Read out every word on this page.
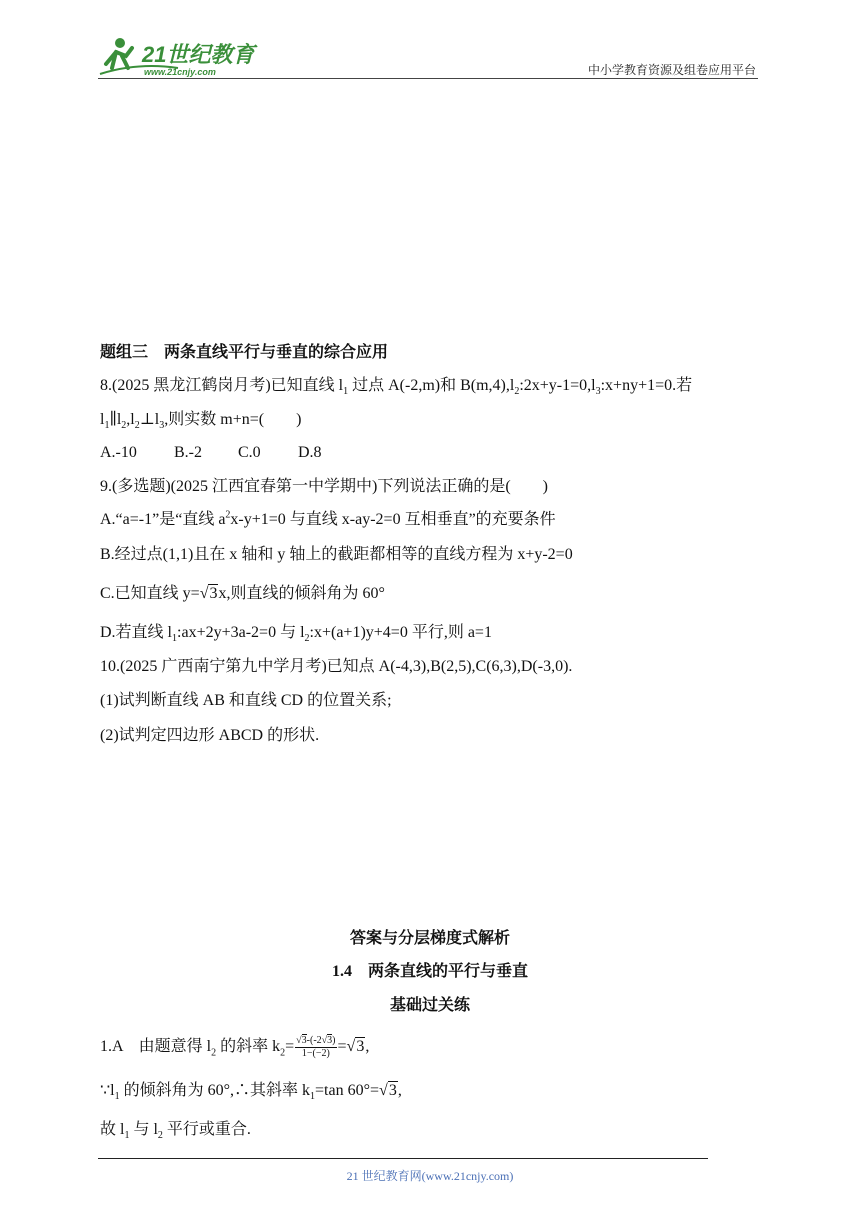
21世纪教育
www.21cnjy.com	中小学教育资源及组卷应用平台
题组三　两条直线平行与垂直的综合应用
8.(2025 黑龙江鹤岗月考)已知直线 $l_1$ 过点 A(-2,m)和 $B(m,4),l_2:2x+y-1=0,l_3:x+ny+1=0$.若
$l_1\parallel l_2,l_2\perp l_3$,则实数 m+n=(　　)
A.-10 B.-2 C.0 D.8
9.(多选题)(2025 江西宜春第一中学期中)下列说法正确的是(　　)
A.“a=-1”是“直线 $a^2x-y+1=0$ 与直线 x-ay-2=0 互相垂直”的充要条件
B.经过点(1,1)且在 x 轴和 y 轴上的截距都相等的直线方程为 x+y-2=0
C.已知直线 y=√3x,则直线的倾斜角为 60°
D.若直线 $l_1:ax+2y+3a-2=0$ 与 $l_2:x+(a+1)y+4=0$ 平行,则 a=1
10.(2025 广西南宁第九中学月考)已知点 A(-4,3),B(2,5),C(6,3),D(-3,0).
(1)试判断直线 AB 和直线 CD 的位置关系;
(2)试判定四边形 ABCD 的形状.
答案与分层梯度式解析
1.4　两条直线的平行与垂直
基础过关练
1.A　由题意得 $l_2$ 的斜率 $k_2= \frac{√3-(-2√3)}{1-(-2)} =√3$,
$\because l_1$ 的倾斜角为 60°,∴其斜率 $k_1=\tan$ 60°=√3,
故 $l_1$ 与 $l_2$ 平行或重合.
21 世纪教育网(www.21cnjy.com)
